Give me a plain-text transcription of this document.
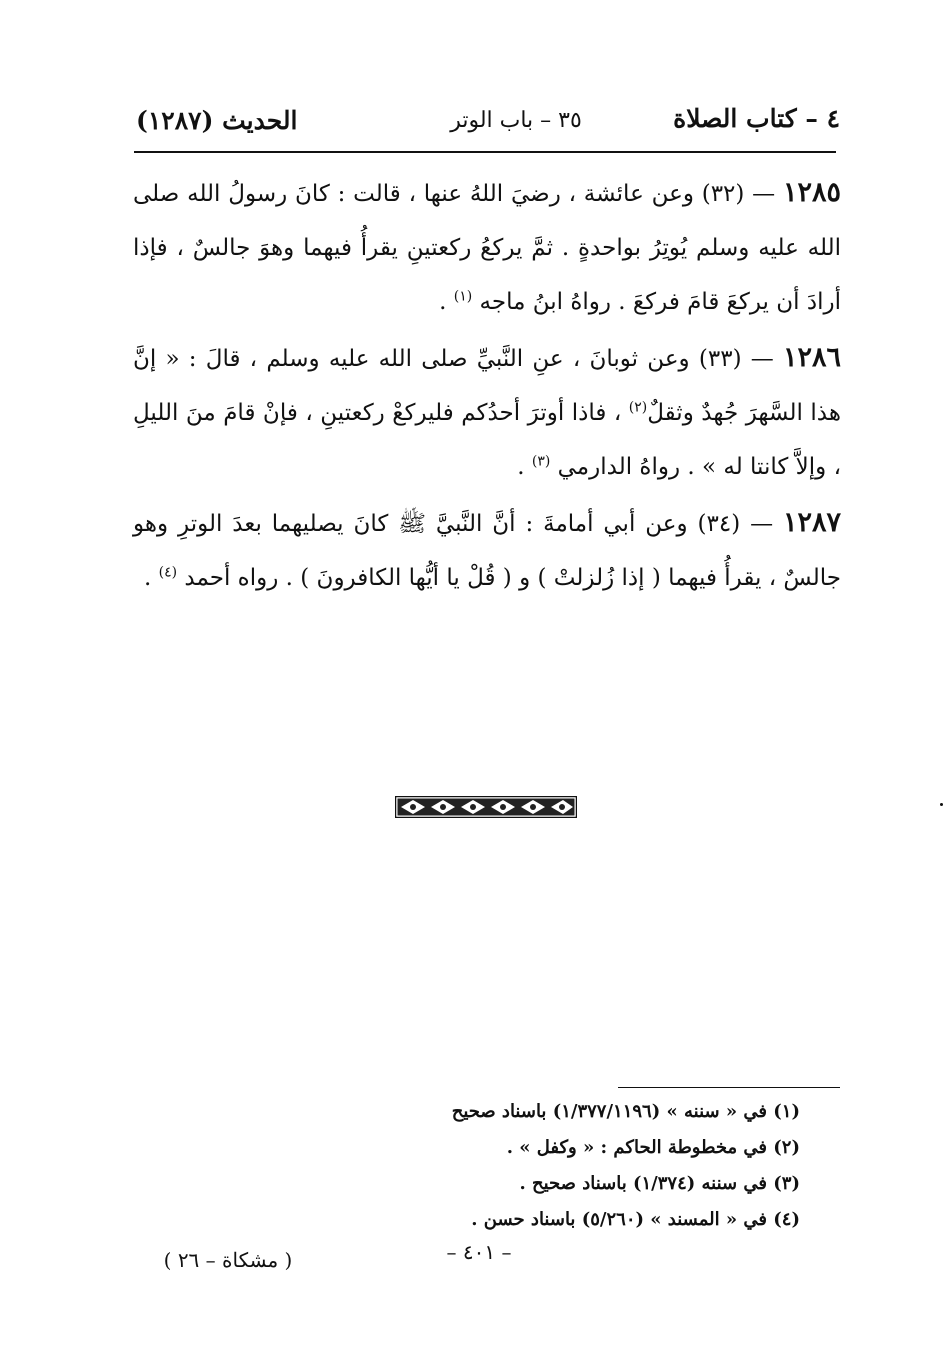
الحديث (١٢٨٧)	٣٥ – باب الوتر	٤ – كتاب الصلاة

١٢٨٥ — (٣٢) وعن عائشة ، رضيَ اللهُ عنها ، قالت : كانَ رسولُ الله صلى الله عليه وسلم يُوتِرُ بواحدةٍ . ثمَّ يركعُ ركعتينِ يقرأُ فيهما وهوَ جالسٌ ، فإذا أرادَ أن يركعَ قامَ فركعَ . رواهُ ابنُ ماجه $^{(١)}$ .

١٢٨٦ — (٣٣) وعن ثوبانَ ، عنِ النَّبيِّ صلى الله عليه وسلم ، قالَ : « إنَّ هذا السَّهرَ جُهدٌ وثقلٌ$^{(٢)}$ ، فاذا أوترَ أحدُكم فليركعْ ركعتينِ ، فإنْ قامَ منَ الليلِ ، وإلاَّ كانتا له » . رواهُ الدارمي $^{(٣)}$ .

١٢٨٧ — (٣٤) وعن أبي أمامةَ : أنَّ النَّبيَّ ﷺ كانَ يصليهما بعدَ الوترِ وهو جالسٌ ، يقرأُ فيهما ( إذا زُلزلتْ ) و ( قُلْ يا أيُّها الكافرونَ ) . رواه أحمد $^{(٤)}$ .

(١) في « سننه » (١/٣٧٧/١١٩٦) باسناد صحيح
(٢) في مخطوطة الحاكم : « وكفل » .
(٣) في سننه (١/٣٧٤) باسناد صحيح .
(٤) في « المسند » (٥/٢٦٠) باسناد حسن .
– ٤٠١ –
( مشكاة – ٢٦ )
